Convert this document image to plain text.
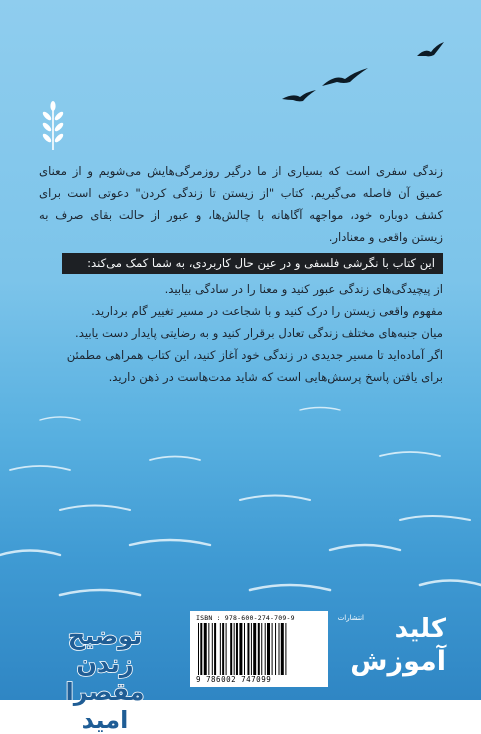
زندگی سفری است که بسیاری از ما درگیر روزمرگی‌هایش می‌شویم و از معنای
عمیق آن فاصله می‌گیریم. کتاب "از زیستن تا زندگی کردن" دعوتی است برای
کشف دوباره خود، مواجهه آگاهانه با چالش‌ها، و عبور از حالت بقای صرف به
زیستن واقعی و معنادار.
این کتاب با نگرشی فلسفی و در عین حال کاربردی، به شما کمک می‌کند:
از پیچیدگی‌های زندگی عبور کنید و معنا را در سادگی بیابید.
مفهوم واقعی زیستن را درک کنید و با شجاعت در مسیر تغییر گام بردارید.
میان جنبه‌های مختلف زندگی تعادل برقرار کنید و به رضایتی پایدار دست یابید.
اگر آماده‌اید تا مسیر جدیدی در زندگی خود آغاز کنید، این کتاب همراهی مطمئن
برای یافتن پاسخ پرسش‌هایی است که شاید مدت‌هاست در ذهن دارید.
توضیح زندن
مقصرا امید
ISBN : 978-600-274-709-9
9 786002 747099
انتشارات کلید
آموزش
